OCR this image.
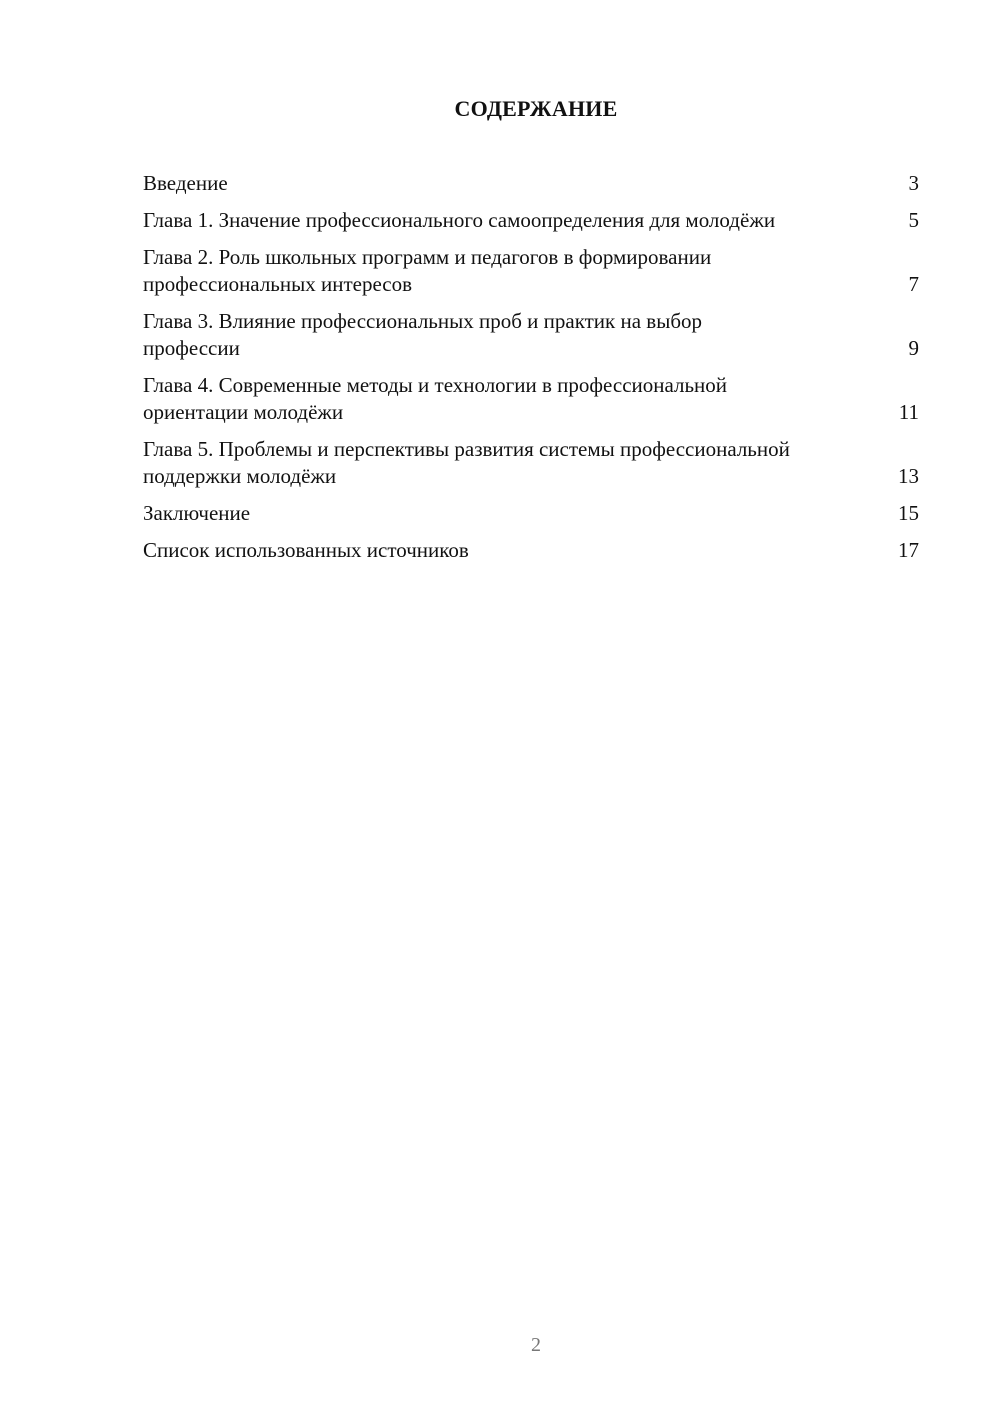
СОДЕРЖАНИЕ
Введение	3
Глава 1. Значение профессионального самоопределения для молодёжи	5
Глава 2. Роль школьных программ и педагогов в формировании профессиональных интересов	7
Глава 3. Влияние профессиональных проб и практик на выбор профессии	9
Глава 4. Современные методы и технологии в профессиональной ориентации молодёжи	11
Глава 5. Проблемы и перспективы развития системы профессиональной поддержки молодёжи	13
Заключение	15
Список использованных источников	17
2
